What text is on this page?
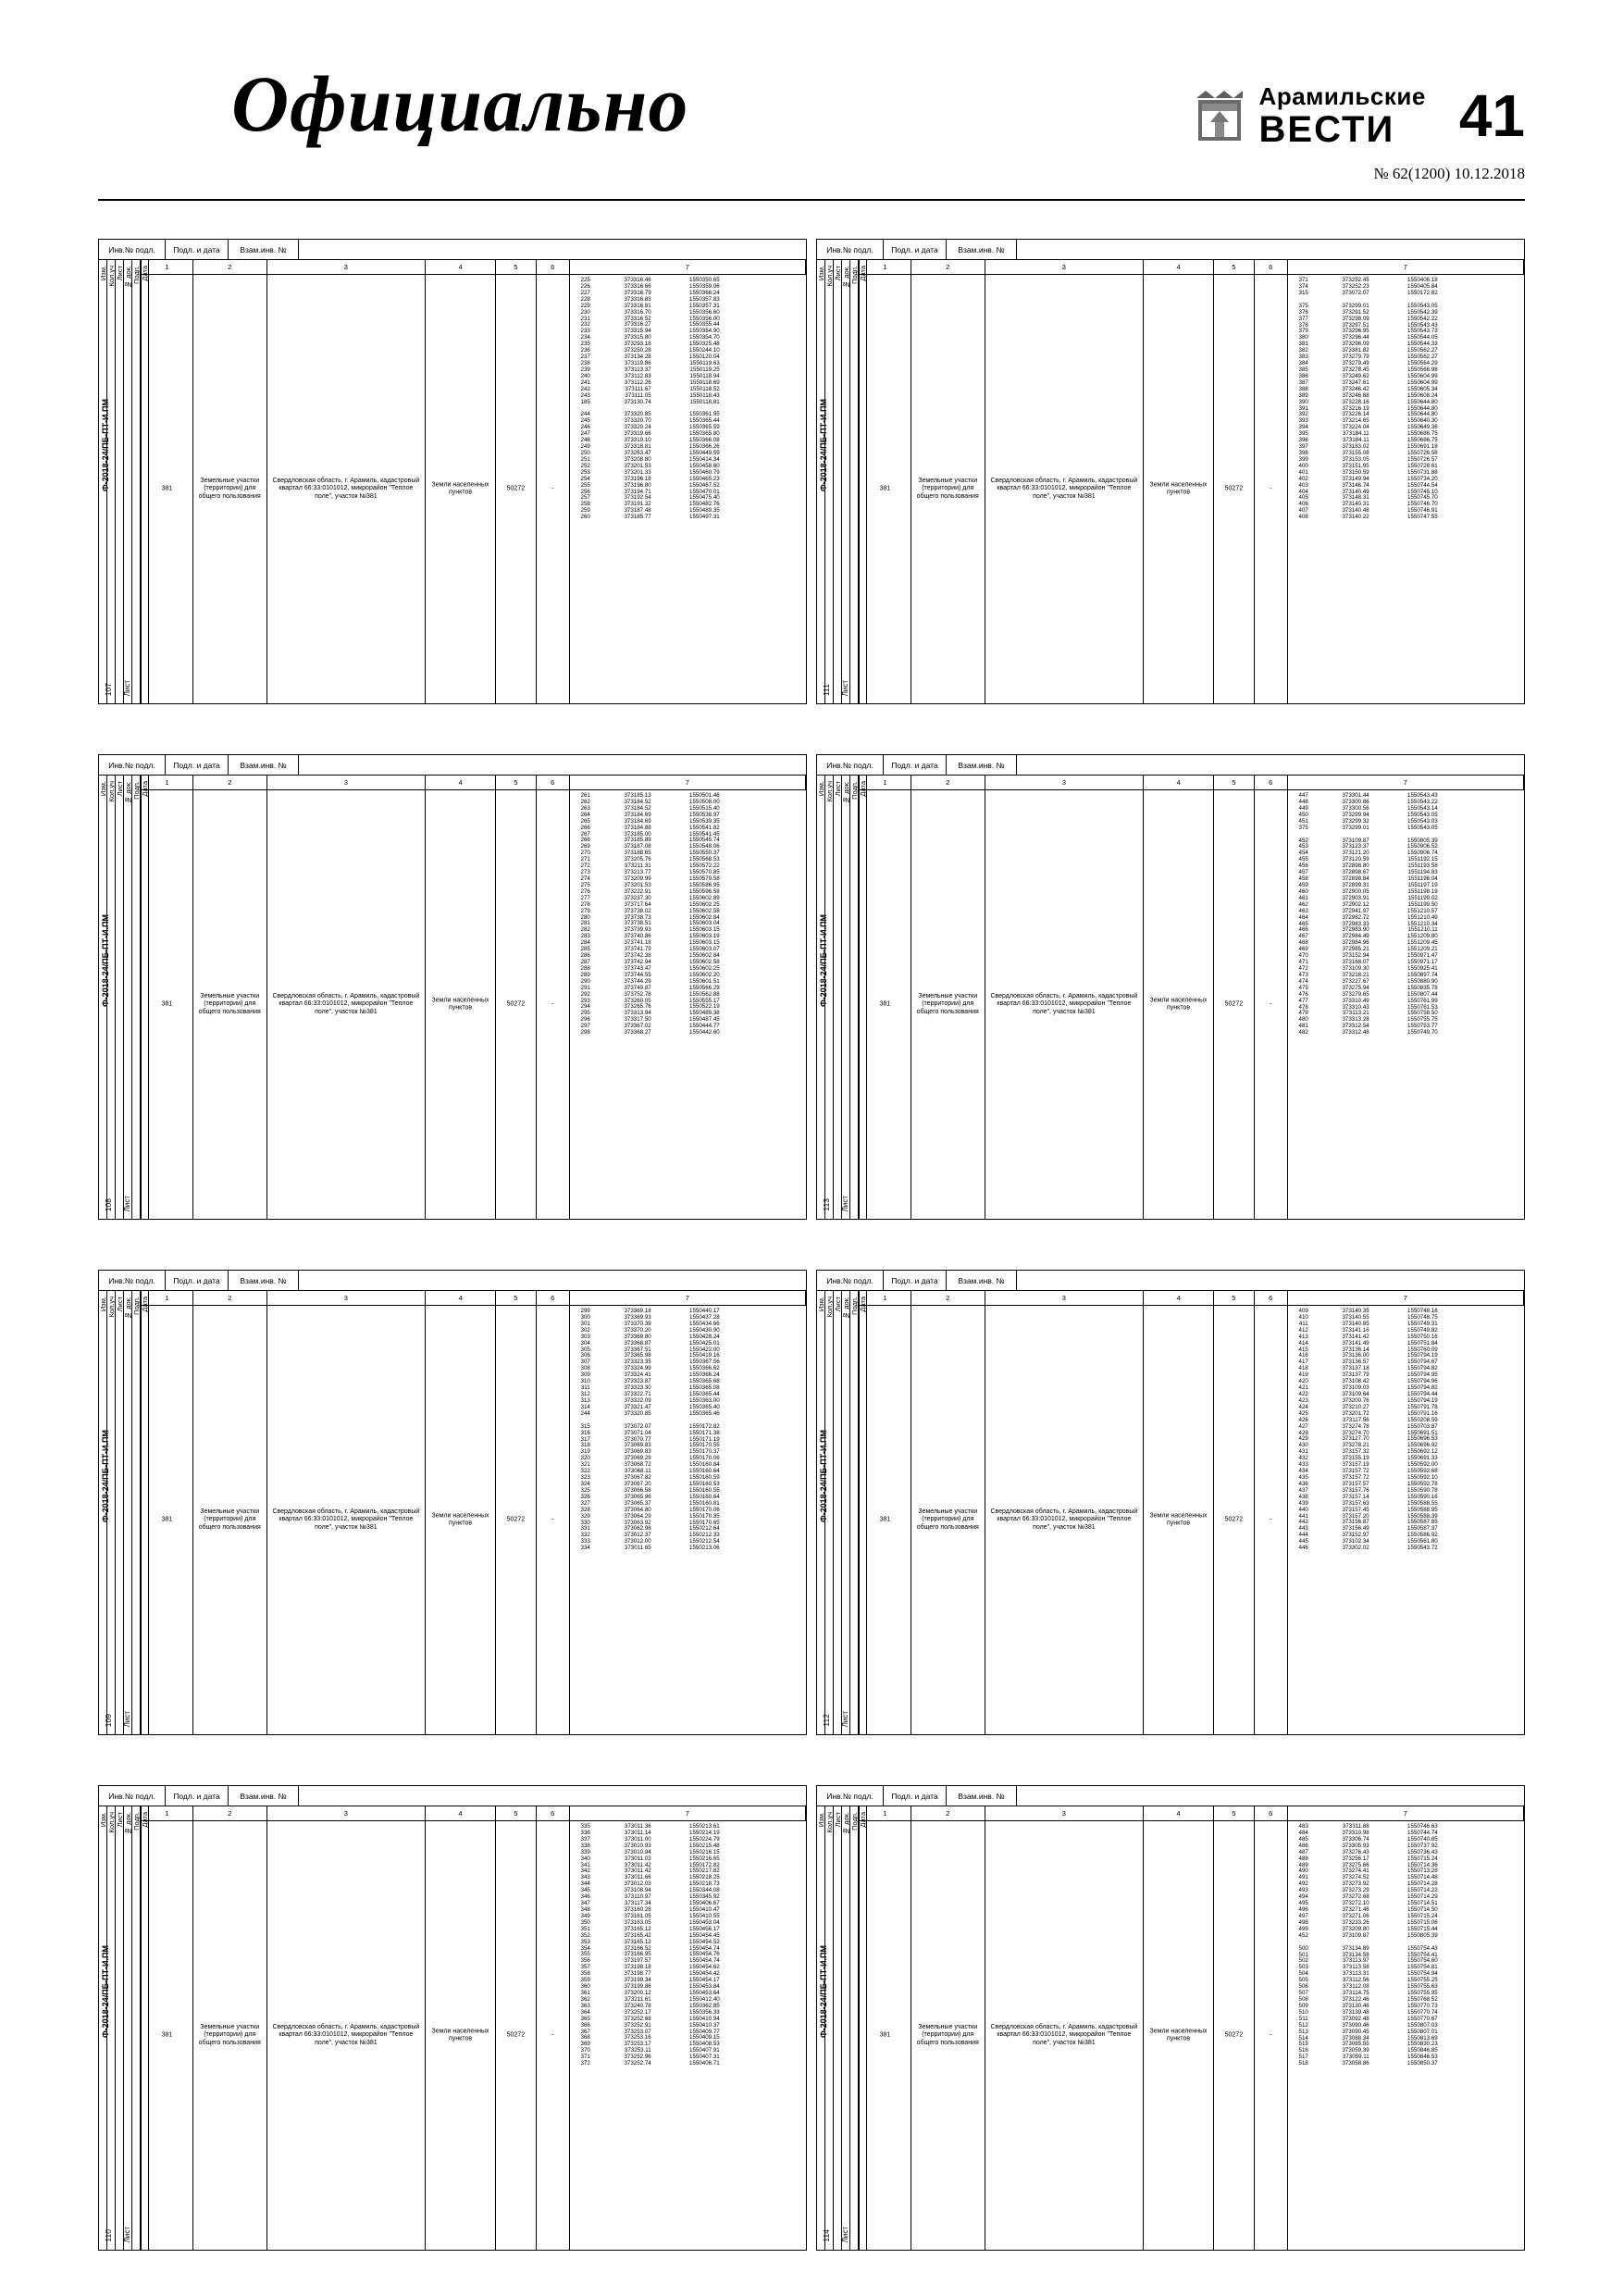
Официально	Арамильские
ВЕСТИ	41
№ 62(1200) 10.12.2018
Инв.№ подл.	Подл. и дата	Взам.инв. №
Изм. Кол.уч Лист № док. Подп. Дата
Ф-2018-24/ПБ-ПТ-И.ПМ
Лист
107
1	2	3	4	5	6	7
381
Земельные участки (территории) для общего пользования
Свердловская область, г. Арамиль, кадастровый квартал 66:33:0101012, микрорайон "Теплое поле", участок №381
Земли населенных пунктов
50272	-
225	373316.46	1550350.65
226	373316.66	1550359.06
227	373316.79	1550366.24
228	373316.83	1550357.83
229	373316.81	1550357.31
230	373316.70	1550356.60
231	373316.52	1550356.00
232	373316.27	1550355.44
233	373315.94	1550354.90
234	373315.80	1550354.70
235	373293.18	1550325.48
236	373250.28	1550244.10
237	373134.28	1550120.04
238	373119.86	1550119.63
239	373113.37	1550119.25
240	373112.83	1550118.94
241	373112.26	1550118.69
242	373111.67	1550118.52
243	373111.05	1550118.43
185	373130.74	1550118.81
244	373320.85	1550361.95
245	373320.70	1550365.44
246	373320.24	1550365.59
247	373319.66	1550365.80
248	373319.10	1550366.08
249	373318.81	1550366.26
250	373263.47	1550449.59
251	373208.80	1550414.34
252	373201.53	1550458.60
253	373201.33	1550460.79
254	373196.18	1550465.23
255	373196.80	1550467.52
256	373194.71	1550470.01
257	373192.54	1550475.40
258	373191.32	1550482.76
259	373187.48	1550489.35
260	373185.77	1550497.31
Инв.№ подл.	Подл. и дата	Взам.инв. №
Изм. Кол.уч Лист № док. Подп. Дата
Ф-2018-24/ПБ-ПТ-И.ПМ
Лист
111
1	2	3	4	5	6	7
381
Земельные участки (территории) для общего пользования
Свердловская область, г. Арамиль, кадастровый квартал 66:33:0101012, микрорайон "Теплое поле", участок №381
Земли населенных пунктов
50272	-
371	373252.45	1550406.18
374	373252.23	1550405.84
315	373072.07	1550172.82
375	373299.01	1550543.05
376	373291.52	1550542.39
377	373298.09	1550542.22
378	373297.51	1550543.43
379	373296.95	1550543.73
380	373296.44	1550544.05
381	373296.09	1550544.33
382	373381.82	1550562.27
383	373279.79	1550562.27
384	373279.49	1550564.29
385	373278.45	1550566.98
386	373249.62	1550604.99
387	373247.61	1550604.99
388	373246.42	1550605.34
389	373246.68	1550608.24
390	373228.16	1550644.80
391	373216.19	1550644.80
392	373226.14	1550644.80
393	373214.65	1550640.30
394	373224.04	1550649.36
395	373184.11	1550686.75
396	373184.11	1550686.75
397	373183.02	1550691.18
398	373155.08	1550726.58
399	373153.05	1550726.57
400	373151.95	1550728.61
401	373150.59	1550731.88
402	373149.94	1550734.20
403	373146.74	1550744.54
404	373140.49	1550745.10
405	373148.31	1550745.70
406	373140.31	1550746.70
407	373140.48	1550746.91
408	373140.22	1550747.55
Инв.№ подл.	Подл. и дата	Взам.инв. №
Изм. Кол.уч Лист № док. Подп. Дата
Ф-2018-24/ПБ-ПТ-И.ПМ
Лист
108
1	2	3	4	5	6	7
381
Земельные участки (территории) для общего пользования
Свердловская область, г. Арамиль, кадастровый квартал 66:33:0101012, микрорайон "Теплое поле", участок №381
Земли населенных пунктов
50272	-
261	373185.13	1550501.46
262	373184.52	1550508.00
263	373184.52	1550515.40
264	373184.69	1550538.97
265	373184.69	1550539.35
266	373184.88	1550541.82
267	373185.00	1550541.45
268	373185.89	1550545.74
269	373187.08	1550548.06
270	373188.65	1550550.37
271	373205.76	1550568.53
272	373211.31	1550572.22
273	373213.77	1550570.85
274	373209.99	1550579.58
275	373201.53	1550586.95
276	373222.91	1550596.58
277	373237.30	1550602.89
278	373717.64	1550602.25
279	373738.02	1550602.58
280	373738.73	1550602.84
281	373738.51	1550603.04
282	373739.93	1550603.15
283	373740.86	1550603.19
284	373741.18	1550603.15
285	373741.79	1550603.07
286	373742.38	1550602.84
287	373742.94	1550602.58
288	373743.47	1550602.25
289	373744.55	1550602.20
290	373744.29	1550601.51
291	373749.87	1550566.29
292	373752.78	1550562.88
293	373260.05	1550555.17
294	373265.76	1550522.19
295	373313.94	1550489.38
296	373317.50	1550487.45
297	373367.02	1550444.77
298	373368.27	1550442.60
Инв.№ подл.	Подл. и дата	Взам.инв. №
Изм. Кол.уч Лист № док. Подп. Дата
Ф-2018-24/ПБ-ПТ-И.ПМ
Лист
113
1	2	3	4	5	6	7
381
Земельные участки (территории) для общего пользования
Свердловская область, г. Арамиль, кадастровый квартал 66:33:0101012, микрорайон "Теплое поле", участок №381
Земли населенных пунктов
50272	-
447	373301.44	1550543.43
448	373300.86	1550543.22
449	373300.56	1550543.14
450	373299.94	1550543.05
451	373299.32	1550543.03
375	373299.01	1550543.05
452	373109.87	1550805.39
453	373123.37	1550906.52
454	373121.20	1550906.74
455	373120.59	1551192.15
456	372898.80	1551193.58
457	372898.67	1551194.83
458	372898.84	1551196.04
459	372899.31	1551197.19
460	372900.05	1551198.19
461	372903.91	1551199.02
462	372902.12	1551199.50
463	372941.97	1551210.57
464	372982.72	1551210.49
465	372983.33	1551210.34
466	372983.90	1551210.11
467	372984.49	1551209.80
468	372984.96	1551209.45
469	372985.21	1551209.21
470	373152.94	1550971.47
471	373168.07	1550971.17
472	373109.30	1550925.41
473	373218.21	1550897.74
474	373227.67	1550880.90
475	373275.94	1550835.78
476	373279.65	1550807.44
477	373310.49	1550761.99
478	373310.43	1550761.53
479	373113.21	1550758.50
480	373313.28	1550755.75
481	373312.54	1550753.77
482	373312.48	1550749.70
Инв.№ подл.	Подл. и дата	Взам.инв. №
Изм. Кол.уч Лист № док. Подп. Дата
Ф-2018-24/ПБ-ПТ-И.ПМ
Лист
109
1	2	3	4	5	6	7
381
Земельные участки (территории) для общего пользования
Свердловская область, г. Арамиль, кадастровый квартал 66:33:0101012, микрорайон "Теплое поле", участок №381
Земли населенных пунктов
50272	-
299	373369.18	1550440.17
300	373369.93	1550437.28
301	373370.39	1550434.66
302	373370.20	1550430.90
303	373369.80	1550428.24
304	373368.87	1550425.01
305	373367.51	1550422.00
306	373365.98	1550419.16
307	373323.35	1550367.56
308	373324.99	1550366.62
309	373324.41	1550366.24
310	373323.87	1550365.68
311	373323.30	1550365.08
312	373322.71	1550365.44
313	373322.09	1550363.00
314	373321.47	1550365.40
244	373320.85	1550365.46
315	373072.07	1550172.82
316	373071.04	1550171.38
317	373070.77	1550171.19
318	373069.83	1550170.55
319	373069.83	1550170.37
320	373069.29	1550170.06
321	373068.72	1550160.84
322	373068.11	1550160.64
323	373067.82	1550160.59
324	373067.20	1550160.53
325	373066.58	1550160.55
326	373065.96	1550160.64
327	373065.37	1550160.81
328	373064.80	1550170.06
329	373064.29	1550170.35
330	373063.92	1550170.65
331	373062.98	1550212.64
332	373012.37	1550212.33
333	373012.00	1550212.54
334	373011.65	1550213.06
Инв.№ подл.	Подл. и дата	Взам.инв. №
Изм. Кол.уч Лист № док. Подп. Дата
Ф-2018-24/ПБ-ПТ-И.ПМ
Лист
112
1	2	3	4	5	6	7
381
Земельные участки (территории) для общего пользования
Свердловская область, г. Арамиль, кадастровый квартал 66:33:0101012, микрорайон "Теплое поле", участок №381
Земли населенных пунктов
50272	-
409	373140.35	1550748.16
410	373140.55	1550748.75
411	373140.85	1550749.31
412	373141.16	1550749.82
413	373141.42	1550750.16
414	373141.49	1550751.84
415	373136.14	1550760.09
416	373136.00	1550794.19
417	373136.57	1550794.67
418	373137.18	1550794.82
419	373137.79	1550794.95
420	373108.42	1550794.96
421	373109.03	1550794.82
422	373109.64	1550794.44
423	373200.76	1550794.19
424	373210.27	1550791.78
425	373201.72	1550791.16
426	373117.56	1550208.59
427	373274.78	1550703.87
428	373274.70	1550691.51
429	373127.70	1550696.53
430	373278.21	1550696.92
431	373157.32	1550692.12
432	373155.19	1550691.33
433	373157.19	1550592.00
434	373157.72	1550592.68
435	373157.72	1550592.10
436	373157.57	1550592.78
437	373157.76	1550590.78
438	373157.14	1550590.16
439	373157.63	1550588.55
440	373157.45	1550588.95
441	373157.20	1550588.39
442	373156.87	1550587.85
443	373156.49	1550587.37
444	373152.97	1550586.92
445	373102.34	1550561.80
446	373302.02	1550543.72
Инв.№ подл.	Подл. и дата	Взам.инв. №
Изм. Кол.уч Лист № док. Подп. Дата
Ф-2018-24/ПБ-ПТ-И.ПМ
Лист
110
1	2	3	4	5	6	7
381
Земельные участки (территории) для общего пользования
Свердловская область, г. Арамиль, кадастровый квартал 66:33:0101012, микрорайон "Теплое поле", участок №381
Земли населенных пунктов
50272	-
335	373011.36	1550213.61
336	373011.14	1550214.19
337	373011.00	1550224.79
338	373010.93	1550215.48
339	373010.94	1550216.15
340	373011.03	1550216.65
341	373011.42	1550172.82
342	373011.42	1550217.82
343	373011.66	1550218.25
344	373012.03	1550218.73
345	373108.94	1550344.08
346	373110.97	1550345.92
347	373117.34	1550406.67
348	373160.28	1550410.47
349	373161.05	1550410.55
350	373163.05	1550453.04
351	373165.12	1550456.17
352	373165.42	1550454.45
353	373165.12	1550454.52
354	373166.52	1550454.74
355	373166.95	1550454.76
356	373197.57	1550454.74
357	373198.18	1550454.62
358	373198.77	1550454.42
359	373199.34	1550454.17
360	373199.86	1550453.84
361	373200.12	1550453.64
362	373211.61	1550412.40
363	373240.78	1550362.85
364	373252.17	1550356.33
365	373252.68	1550410.94
366	373252.91	1550410.37
367	373253.07	1550409.77
368	373253.16	1550409.15
369	373253.17	1550408.53
370	373253.11	1550407.91
371	373252.96	1550407.31
372	373252.74	1550406.71
Инв.№ подл.	Подл. и дата	Взам.инв. №
Изм. Кол.уч Лист № док. Подп. Дата
Ф-2018-24/ПБ-ПТ-И.ПМ
Лист
114
1	2	3	4	5	6	7
381
Земельные участки (территории) для общего пользования
Свердловская область, г. Арамиль, кадастровый квартал 66:33:0101012, микрорайон "Теплое поле", участок №381
Земли населенных пунктов
50272	-
483	373311.88	1550746.63
484	373310.98	1550744.74
485	373306.74	1550740.85
486	373305.93	1550737.92
487	373276.43	1550736.43
488	373256.17	1550715.24
489	373275.66	1550714.36
490	373274.41	1550713.28
491	373274.52	1550714.48
492	373273.92	1550714.28
493	373273.29	1550714.22
494	373272.68	1550714.29
495	373272.10	1550714.51
496	373271.46	1550714.50
497	373271.06	1550715.24
498	373233.26	1550715.06
499	373209.80	1550715.44
452	373109.87	1550805.39
500	373134.89	1550754.43
501	373134.58	1550754.41
502	373113.97	1550754.60
503	373113.58	1550754.81
504	373113.31	1550754.94
505	373112.56	1550755.25
506	373112.08	1550755.63
507	373114.75	1550755.95
508	373122.46	1550768.52
509	373130.46	1550770.73
510	373139.48	1550770.74
511	373092.48	1550770.67
512	373090.46	1550807.03
513	373090.45	1550807.01
514	373088.34	1550813.69
515	373085.55	1550830.23
516	373059.39	1550846.85
517	373059.11	1550846.53
518	373058.86	1550850.37
